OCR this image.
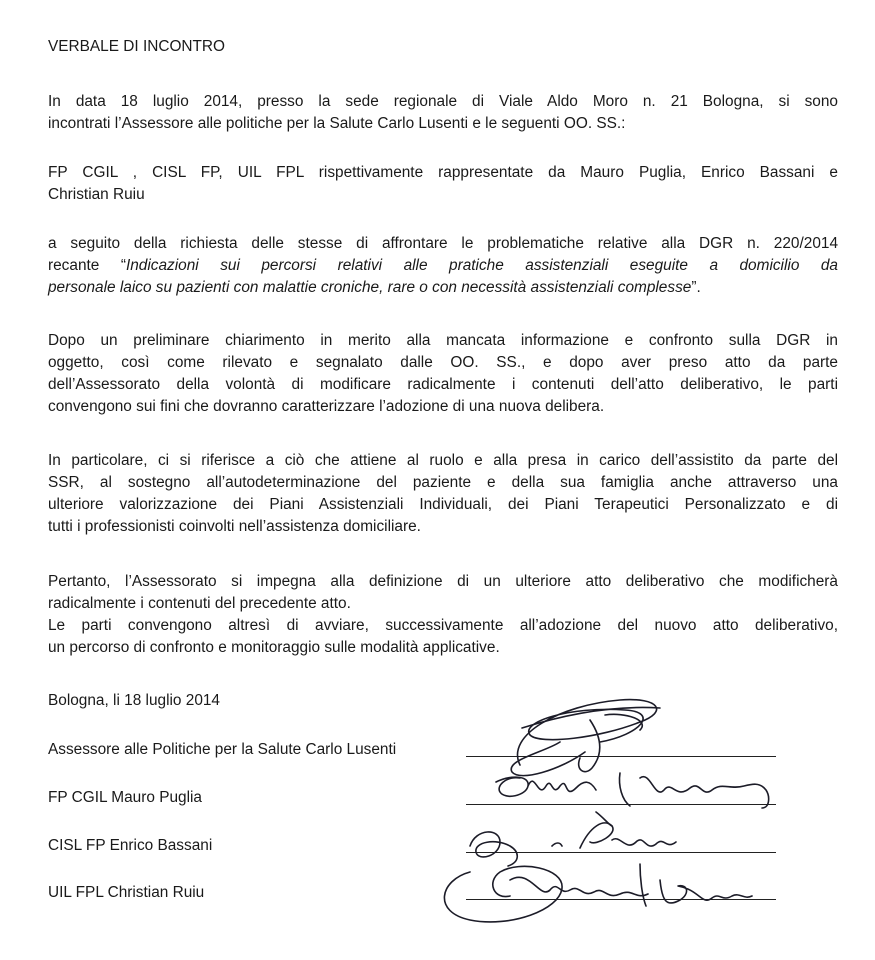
VERBALE DI INCONTRO

In data 18 luglio 2014, presso la sede regionale di Viale Aldo Moro n. 21 Bologna, si sono
incontrati l’Assessore alle politiche per la Salute Carlo Lusenti e le seguenti OO. SS.:

FP CGIL , CISL FP, UIL FPL rispettivamente rappresentate da Mauro Puglia, Enrico Bassani e
Christian Ruiu

a seguito della richiesta delle stesse di affrontare le problematiche relative alla DGR n. 220/2014
recante “Indicazioni sui percorsi relativi alle pratiche assistenziali eseguite a domicilio da
personale laico su pazienti con malattie croniche, rare o con necessità assistenziali complesse”.

Dopo un preliminare chiarimento in merito alla mancata informazione e confronto sulla DGR in
oggetto, così come rilevato e segnalato dalle OO. SS., e dopo aver preso atto da parte
dell’Assessorato della volontà di modificare radicalmente i contenuti dell’atto deliberativo, le parti
convengono sui fini che dovranno caratterizzare l’adozione di una nuova delibera.

In particolare, ci si riferisce a ciò che attiene al ruolo e alla presa in carico dell’assistito da parte del
SSR, al sostegno all’autodeterminazione del paziente e della sua famiglia anche attraverso una
ulteriore valorizzazione dei Piani Assistenziali Individuali, dei Piani Terapeutici Personalizzato e di
tutti i professionisti coinvolti nell’assistenza domiciliare.

Pertanto, l’Assessorato si impegna alla definizione di un ulteriore atto deliberativo che modificherà
radicalmente i contenuti del precedente atto.
Le parti convengono altresì di avviare, successivamente all’adozione del nuovo atto deliberativo,
un percorso di confronto e monitoraggio sulle modalità applicative.

Bologna, li 18 luglio 2014
Assessore alle Politiche per la Salute Carlo Lusenti
FP CGIL Mauro Puglia
CISL FP Enrico Bassani
UIL FPL Christian Ruiu
